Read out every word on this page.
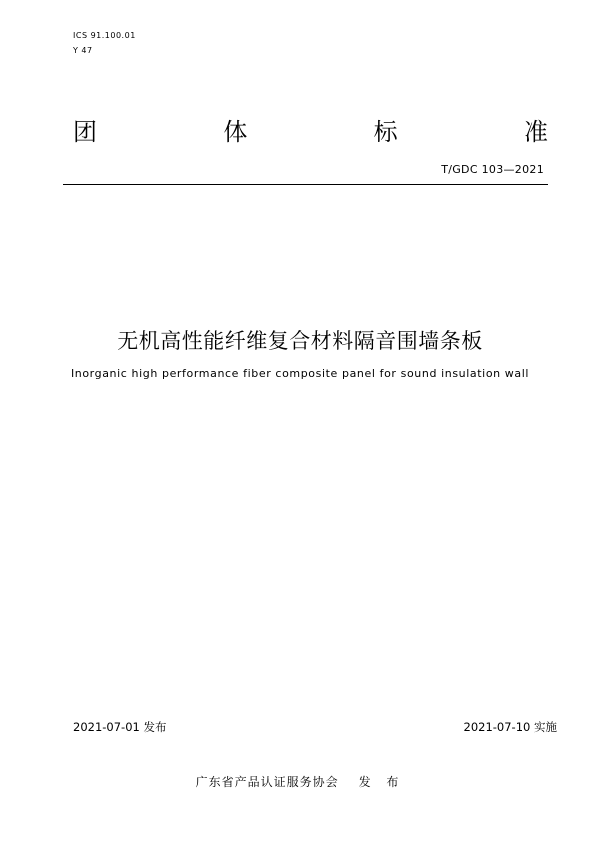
ICS 91.100.01
Y 47
团	体	标	准
T/GDC 103—2021
无机高性能纤维复合材料隔音围墙条板
Inorganic high performance fiber composite panel for sound insulation wall
2021-07-01 发布	2021-07-10 实施
广东省产品认证服务协会 发 布
